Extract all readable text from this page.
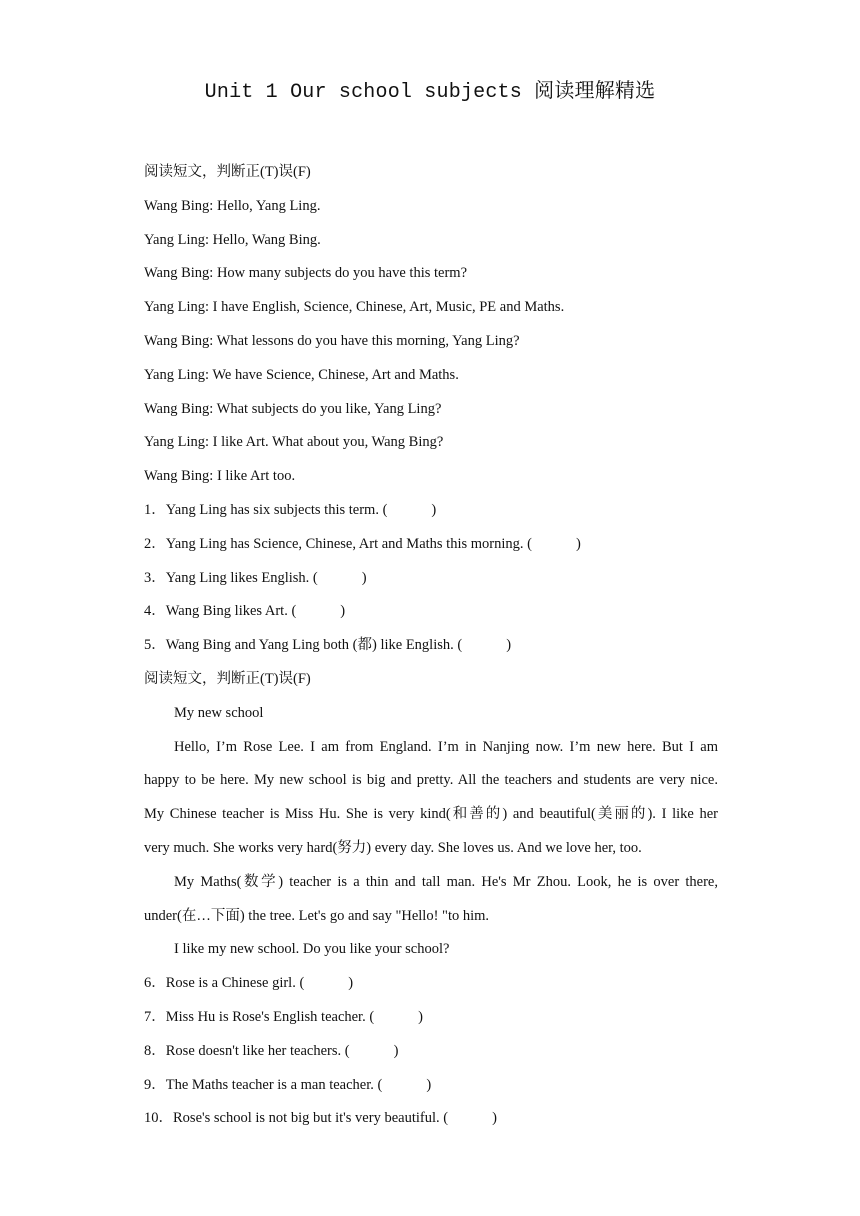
Unit 1 Our school subjects 阅读理解精选
阅读短文，判断正(T)误(F)
Wang Bing: Hello, Yang Ling.
Yang Ling: Hello, Wang Bing.
Wang Bing: How many subjects do you have this term?
Yang Ling: I have English, Science, Chinese, Art, Music, PE and Maths.
Wang Bing: What lessons do you have this morning, Yang Ling?
Yang Ling: We have Science, Chinese, Art and Maths.
Wang Bing: What subjects do you like, Yang Ling?
Yang Ling: I like Art. What about you, Wang Bing?
Wang Bing: I like Art too.
1．Yang Ling has six subjects this term. (	)
2．Yang Ling has Science, Chinese, Art and Maths this morning. (	)
3．Yang Ling likes English. (	)
4．Wang Bing likes Art. (	)
5．Wang Bing and Yang Ling both (都) like English. (	)
阅读短文，判断正(T)误(F)
My new school
Hello, I’m Rose Lee. I am from England. I’m in Nanjing now. I’m new here. But I am
happy to be here. My new school is big and pretty. All the teachers and students are very nice.
My Chinese teacher is Miss Hu. She is very kind(和善的) and beautiful(美丽的). I like her
very much. She works very hard(努力) every day. She loves us. And we love her, too.
My Maths(数学) teacher is a thin and tall man. He's Mr Zhou. Look, he is over there,
under(在…下面) the tree. Let's go and say "Hello! "to him.
I like my new school. Do you like your school?
6．Rose is a Chinese girl. (	)
7．Miss Hu is Rose's English teacher. (	)
8．Rose doesn't like her teachers. (	)
9．The Maths teacher is a man teacher. (	)
10．Rose's school is not big but it's very beautiful. (	)
